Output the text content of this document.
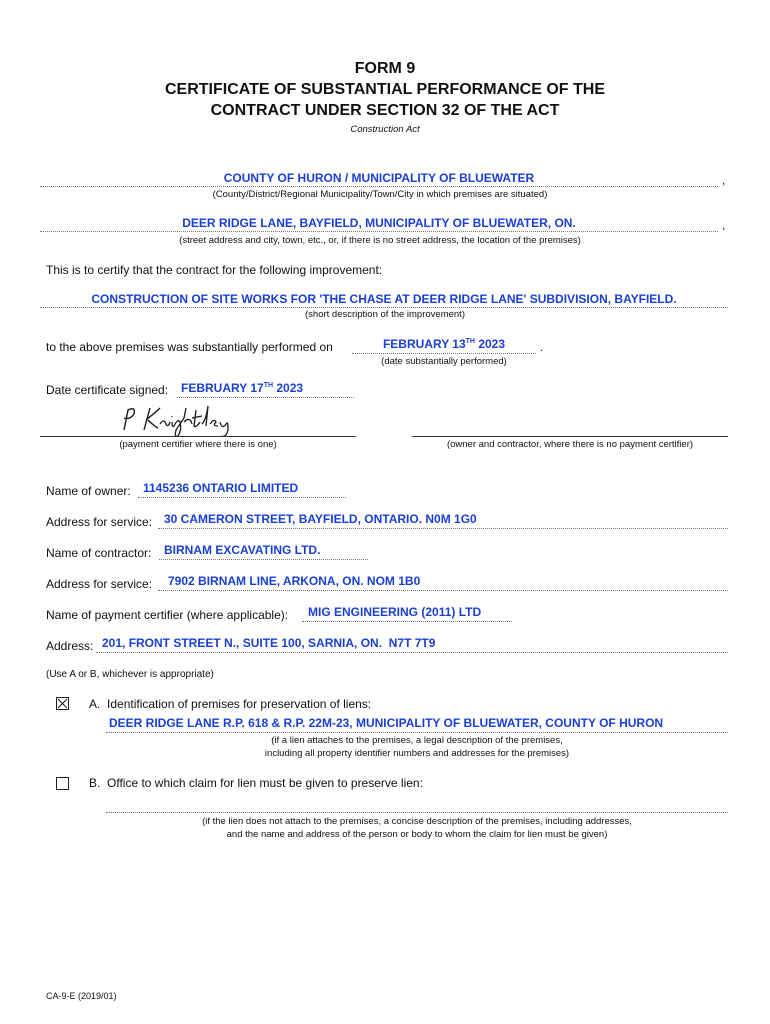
FORM 9
CERTIFICATE OF SUBSTANTIAL PERFORMANCE OF THE
CONTRACT UNDER SECTION 32 OF THE ACT
Construction Act
COUNTY OF HURON / MUNICIPALITY OF BLUEWATER	,
(County/District/Regional Municipality/Town/City in which premises are situated)
DEER RIDGE LANE, BAYFIELD, MUNICIPALITY OF BLUEWATER, ON.	,
(street address and city, town, etc., or, if there is no street address, the location of the premises)
This is to certify that the contract for the following improvement:
CONSTRUCTION OF SITE WORKS FOR 'THE CHASE AT DEER RIDGE LANE' SUBDIVISION, BAYFIELD.
(short description of the improvement)
to the above premises was substantially performed on	FEBRUARY 13TH 2023	.
(date substantially performed)
Date certificate signed: FEBRUARY 17TH 2023
(payment certifier where there is one)	(owner and contractor, where there is no payment certifier)
Name of owner: 1145236 ONTARIO LIMITED
Address for service: 30 CAMERON STREET, BAYFIELD, ONTARIO. N0M 1G0
Name of contractor: BIRNAM EXCAVATING LTD.
Address for service: 7902 BIRNAM LINE, ARKONA, ON. NOM 1B0
Name of payment certifier (where applicable): MIG ENGINEERING (2011) LTD
Address: 201, FRONT STREET N., SUITE 100, SARNIA, ON.  N7T 7T9
(Use A or B, whichever is appropriate)
A.  Identification of premises for preservation of liens:
DEER RIDGE LANE R.P. 618 & R.P. 22M-23, MUNICIPALITY OF BLUEWATER, COUNTY OF HURON
(if a lien attaches to the premises, a legal description of the premises,
including all property identifier numbers and addresses for the premises)
B.  Office to which claim for lien must be given to preserve lien:
(if the lien does not attach to the premises, a concise description of the premises, including addresses,
and the name and address of the person or body to whom the claim for lien must be given)
CA-9-E (2019/01)
